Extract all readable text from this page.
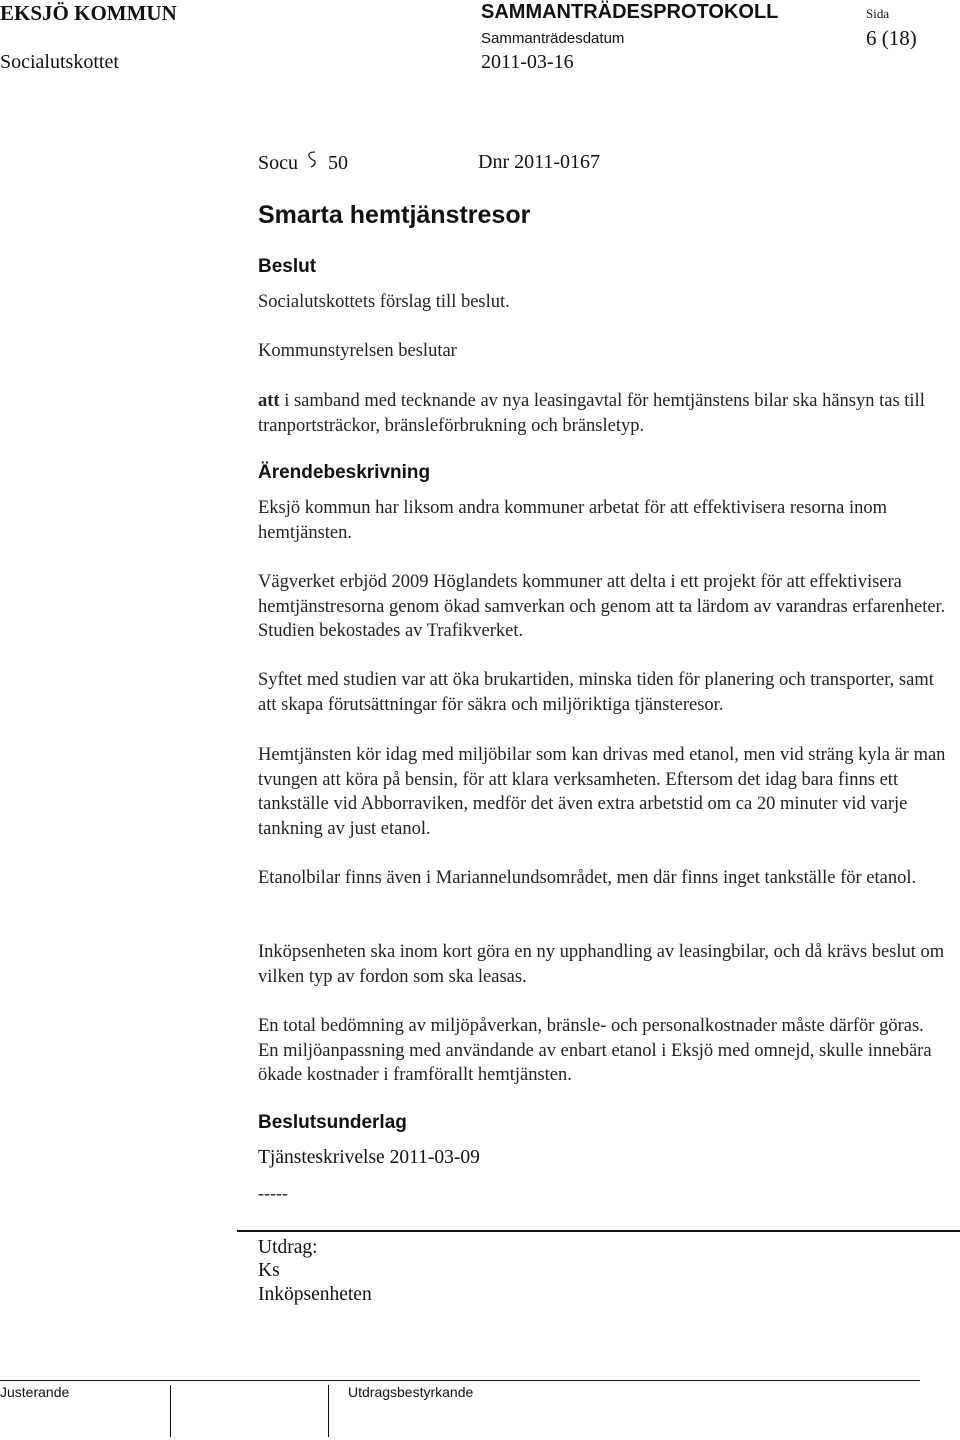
EKSJÖ KOMMUN	SAMMANTRÄDESPROTOKOLL	Sida
Socialutskottet
Sammanträdesdatum
2011-03-16
6 (18)
Socu 50	Dnr 2011-0167
Smarta hemtjänstresor
Beslut
Socialutskottets förslag till beslut.
Kommunstyrelsen beslutar
att i samband med tecknande av nya leasingavtal för hemtjänstens bilar ska hänsyn tas till tranportsträckor, bränsleförbrukning och bränsletyp.
Ärendebeskrivning
Eksjö kommun har liksom andra kommuner arbetat för att effektivisera resorna inom hemtjänsten.
Vägverket erbjöd 2009 Höglandets kommuner att delta i ett projekt för att effektivisera hemtjänstresorna genom ökad samverkan och genom att ta lärdom av varandras erfarenheter. Studien bekostades av Trafikverket.
Syftet med studien var att öka brukartiden, minska tiden för planering och transporter, samt att skapa förutsättningar för säkra och miljöriktiga tjänsteresor.
Hemtjänsten kör idag med miljöbilar som kan drivas med etanol, men vid sträng kyla är man tvungen att köra på bensin, för att klara verksamheten. Eftersom det idag bara finns ett tankställe vid Abborraviken, medför det även extra arbetstid om ca 20 minuter vid varje tankning av just etanol.
Etanolbilar finns även i Mariannelundsområdet, men där finns inget tankställe för etanol.
Inköpsenheten ska inom kort göra en ny upphandling av leasingbilar, och då krävs beslut om vilken typ av fordon som ska leasas.
En total bedömning av miljöpåverkan, bränsle- och personalkostnader måste därför göras. En miljöanpassning med användande av enbart etanol i Eksjö med omnejd, skulle innebära ökade kostnader i framförallt hemtjänsten.
Beslutsunderlag
Tjänsteskrivelse 2011-03-09
-----
Utdrag:
Ks
Inköpsenheten
Justerande	Utdragsbestyrkande
